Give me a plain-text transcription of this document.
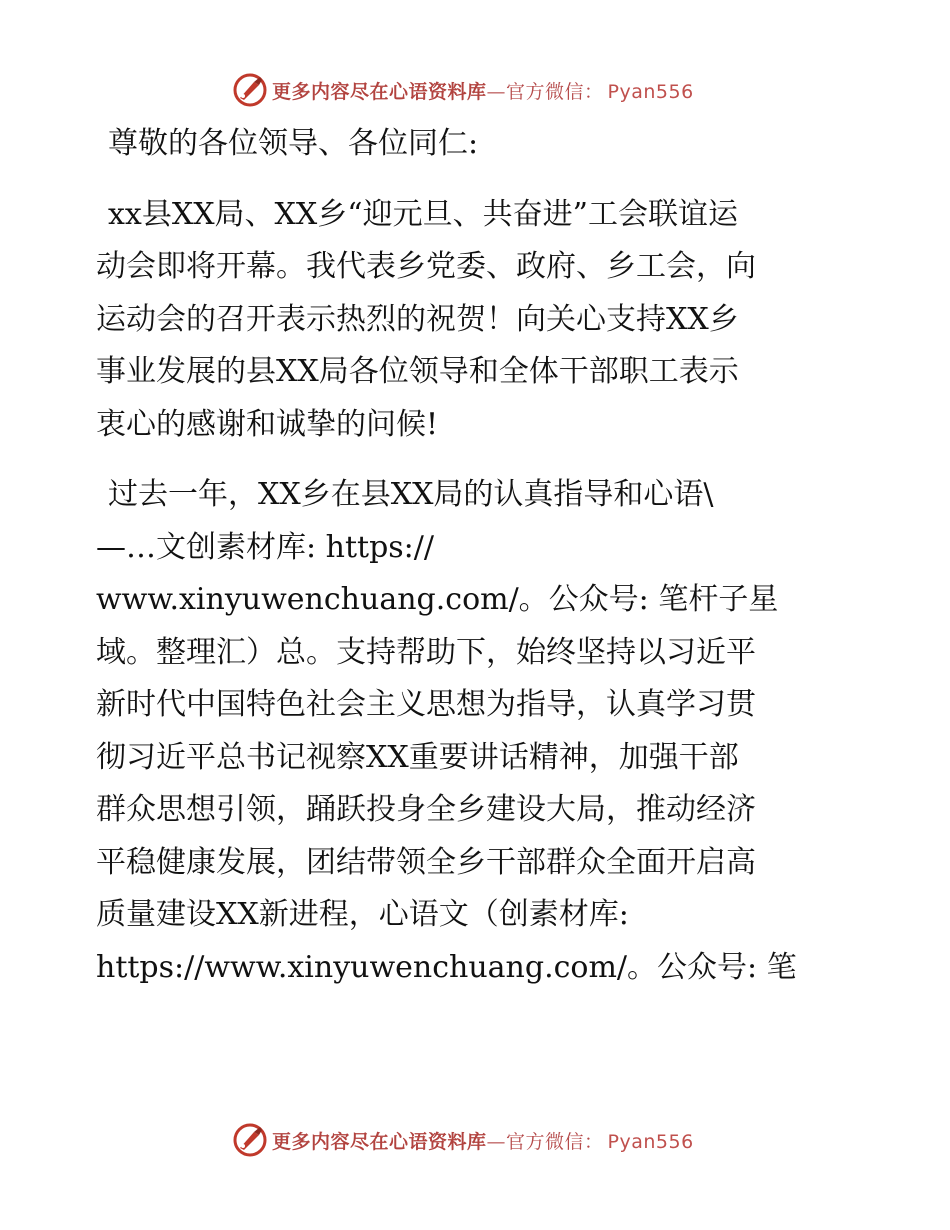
更多内容尽在心语资料库—官方微信： Pyan556
尊敬的各位领导、各位同仁:
xx县XX局、XX乡“迎元旦、共奋进”工会联谊运
动会即将开幕。我代表乡党委、政府、乡工会，向
运动会的召开表示热烈的祝贺！向关心支持XX乡
事业发展的县XX局各位领导和全体干部职工表示
衷心的感谢和诚挚的问候!
过去一年，XX乡在县XX局的认真指导和心语\
—…文创素材库: https://
www.xinyuwenchuang.com/。公众号: 笔杆子星
域。整理汇）总。支持帮助下，始终坚持以习近平
新时代中国特色社会主义思想为指导，认真学习贯
彻习近平总书记视察XX重要讲话精神，加强干部
群众思想引领，踊跃投身全乡建设大局，推动经济
平稳健康发展，团结带领全乡干部群众全面开启高
质量建设XX新进程，心语文（创素材库:
https://www.xinyuwenchuang.com/。公众号: 笔
更多内容尽在心语资料库—官方微信： Pyan556
